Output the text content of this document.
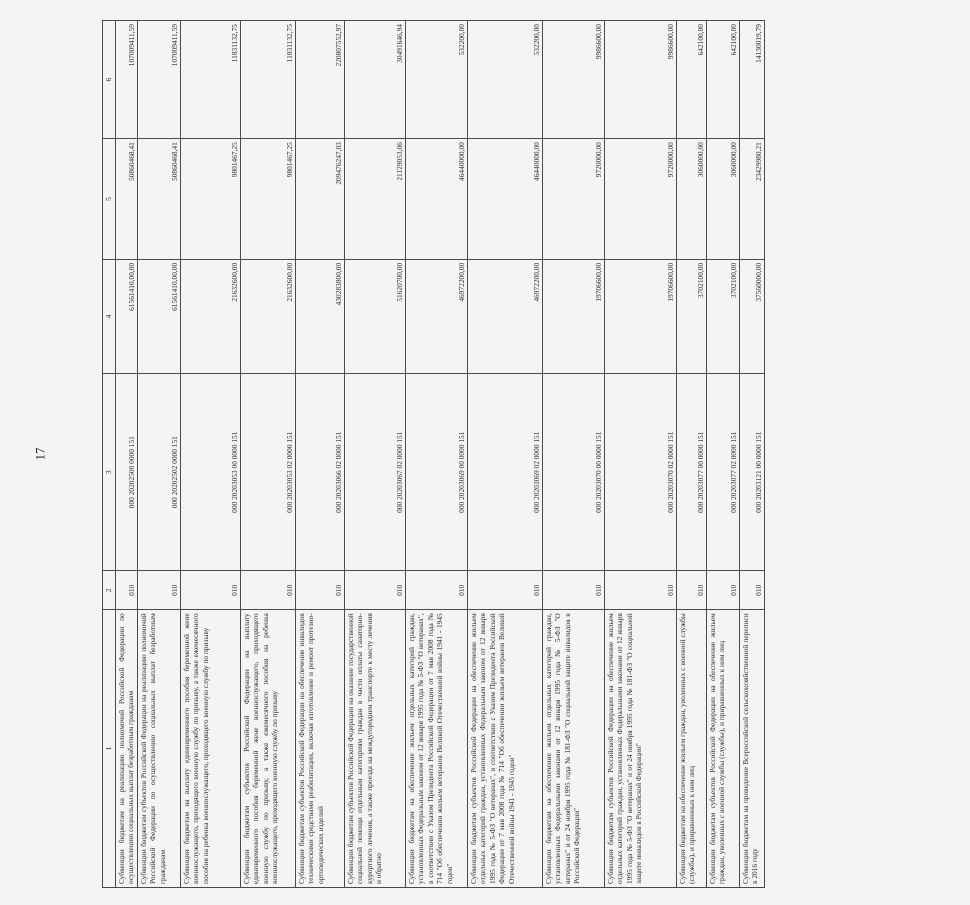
17
1	2	3	4	5	6
Субвенции бюджетам на реализацию полномочий Российской Федерации по осуществлению социальных выплат безработным гражданам	010	000 20202500 0000 151	61561410,00,00	50860468,41	107009411,59
Субвенции бюджетам субъектов Российской Федерации на реализацию полномочий Российской Федерации по осуществлению социальных выплат безработным гражданам	010	000 20202502 0000 151	61561410,00,00	50860468,41	107009411,59
Субвенции бюджетам на выплату единовременного пособия беременной жене военнослужащего, проходящего военную службу по призыву, а также ежемесячного пособия на ребенка военнослужащего, проходящего военную службу по призыву	010	000 20203053 00 0000 151	21632600,00	9801467,25	11831132,75
Субвенции бюджетам субъектов Российской Федерации на выплату единовременного пособия беременной жене военнослужащего, проходящего военную службу по призыву, а также ежемесячного пособия на ребенка военнослужащего, проходящего военную службу по призыву	010	000 20203053 02 0000 151	21632600,00	9801467,25	11831132,75
Субвенции бюджетам субъектов Российской Федерации на обеспечение инвалидов техническими средствами реабилитации, включая изготовление и ремонт протезно-ортопедических изделий	010	000 20203066 02 0000 151	430283800,00	209476247,03	220807552,97
Субвенции бюджетам субъектов Российской Федерации на оказание государственной социальной помощи отдельным категориям граждан в части оплаты санаторно-курортного лечения, а также проезда на междугороднем транспорте к месту лечения и обратно	010	000 20203067 02 0000 151	51620700,00	21129053,06	30491646,94
Субвенции бюджетам на обеспечение жильем отдельных категорий граждан, установленных Федеральным законом от 12 января 1995 года № 5-ФЗ "О ветеранах", в соответствии с Указом Президента Российской Федерации от 7 мая 2008 года № 714 "Об обеспечении жильем ветеранов Великой Отечественной войны 1941 - 1945 годов"	010	000 20203069 00 0000 151	46972200,00	46440000,00	532200,00
Субвенции бюджетам субъектов Российской Федерации на обеспечение жильем отдельных категорий граждан, установленных Федеральным законом от 12 января 1995 года № 5-ФЗ "О ветеранах", в соответствии с Указом Президента Российской Федерации от 7 мая 2008 года № 714 "Об обеспечении жильем ветеранов Великой Отечественной войны 1941 - 1945 годов"	010	000 20203069 02 0000 151	46972200,00	46440000,00	532200,00
Субвенции бюджетам на обеспечение жильем отдельных категорий граждан, установленных Федеральными законами от 12 января 1995 года № 5-ФЗ "О ветеранах" и от 24 ноября 1995 года № 181-ФЗ "О социальной защите инвалидов в Российской Федерации"	010	000 20203070 00 0000 151	19706600,00	9720000,00	9986600,00
Субвенции бюджетам субъектов Российской Федерации на обеспечение жильем отдельных категорий граждан, установленных Федеральными законами от 12 января 1995 года № 5-ФЗ "О ветеранах" и от 24 ноября 1995 года № 181-ФЗ "О социальной защите инвалидов в Российской Федерации"	010	000 20203070 02 0000 151	19706600,00	9720000,00	9986600,00
Субвенции бюджетам на обеспечение жильем граждан, уволенных с военной службы (службы), и приравненных к ним лиц	010	000 20203077 00 0000 151	3702100,00	3060000,00	642100,00
Субвенции бюджетам субъектов Российской Федерации на обеспечение жильем граждан, уволенных с военной службы (службы), и приравненных к ним лиц	010	000 20203077 02 0000 151	3702100,00	3060000,00	642100,00
Субвенции бюджетам на проведение Всероссийской сельскохозяйственной переписи в 2016 году	010	000 20203121 00 0000 151	37560000,00	23429980,21	14130019,79
